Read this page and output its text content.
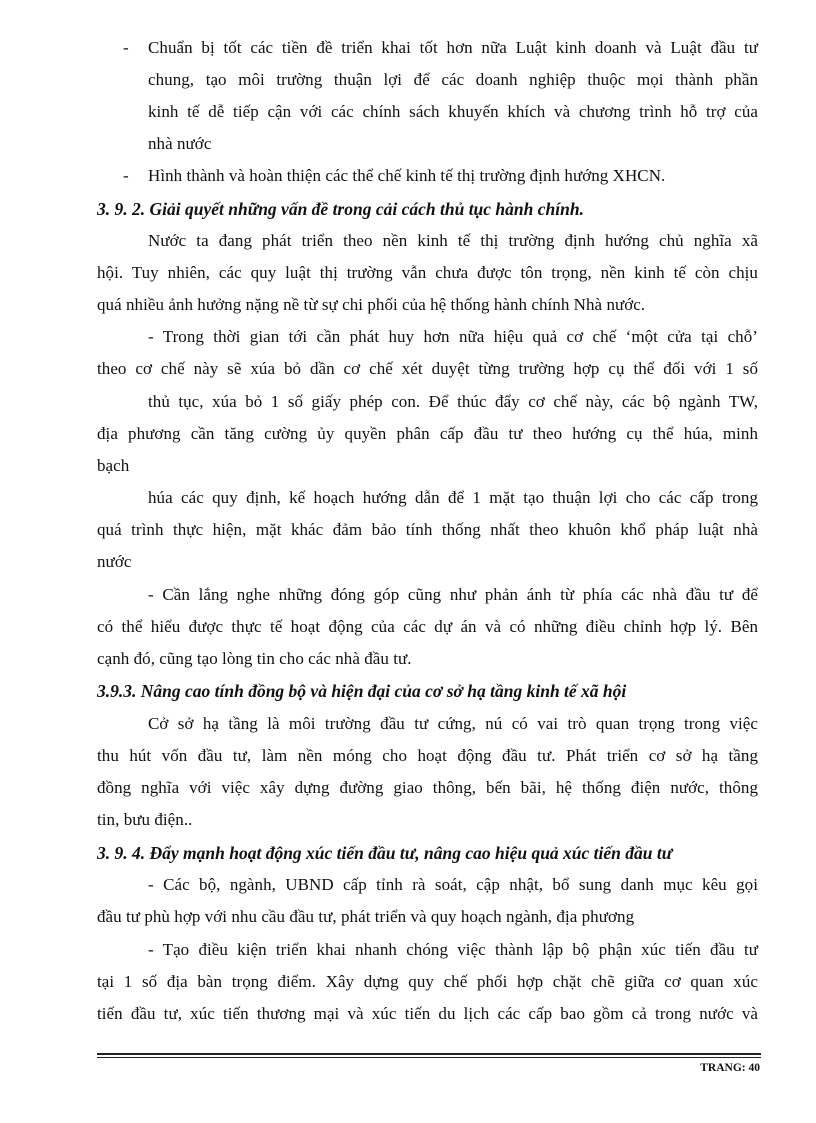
-
-
Chuẩn bị tốt các tiền đề triển khai tốt hơn nữa Luật kinh doanh và Luật đầu tư
chung, tạo môi trường thuận lợi để các doanh nghiệp thuộc mọi thành phần
kinh tế dễ tiếp cận với các chính sách khuyến khích và chương trình hỗ trợ của
nhà nước
Hình thành và hoàn thiện các thể chế kinh tế thị trường định hướng XHCN.
3. 9. 2. Giải quyết những vấn đề trong cải cách thủ tục hành chính.
Nước ta đang phát triển theo nền kinh tế thị trường định hướng chủ nghĩa xã
hội. Tuy nhiên, các quy luật thị trường vẫn chưa được tôn trọng, nền kinh tế còn chịu
quá nhiều ảnh hưởng nặng nề từ sự chi phối của hệ thống hành chính Nhà nước.
- Trong thời gian tới cần phát huy hơn nữa hiệu quả cơ chế ‘một cửa tại chỗ’
theo cơ chế này sẽ xúa bỏ dần cơ chế xét duyệt từng trường hợp cụ thể đối với 1 số
thủ tục, xúa bỏ 1 số giấy phép con. Để thúc đẩy cơ chế này, các bộ ngành TW,
địa phương cần tăng cường ủy quyền phân cấp đầu tư theo hướng cụ thể húa, minh
bạch
húa các quy định, kế hoạch hướng dẫn để 1 mặt tạo thuận lợi cho các cấp trong
quá trình thực hiện, mặt khác đảm bảo tính thống nhất theo khuôn khổ pháp luật nhà
nước
- Cần lắng nghe những đóng góp cũng như phản ánh từ phía các nhà đầu tư để
có thể hiểu được thực tế hoạt động của các dự án và có những điều chỉnh hợp lý. Bên
cạnh đó, cũng tạo lòng tin cho các nhà đầu tư.
3.9.3. Nâng cao tính đồng bộ và hiện đại của cơ sở hạ tầng kinh tế xã hội
Cở sở hạ tầng là môi trường đầu tư cứng, nú có vai trò quan trọng trong việc
thu hút vốn đầu tư, làm nền móng cho hoạt động đầu tư. Phát triển cơ sở hạ tầng
đồng nghĩa với việc xây dựng đường giao thông, bến bãi, hệ thống điện nước, thông
tin, bưu điện..
3. 9. 4. Đẩy mạnh hoạt động xúc tiến đầu tư, nâng cao hiệu quả xúc tiến đầu tư
- Các bộ, ngành, UBND cấp tỉnh rà soát, cập nhật, bổ sung danh mục kêu gọi
đầu tư phù hợp với nhu cầu đầu tư, phát triển và quy hoạch ngành, địa phương
- Tạo điều kiện triển khai nhanh chóng việc thành lập bộ phận xúc tiến đầu tư
tại 1 số địa bàn trọng điểm. Xây dựng quy chế phối hợp chặt chẽ giữa cơ quan xúc
tiến đầu tư, xúc tiến thương mại và xúc tiến du lịch các cấp bao gồm cả trong nước và
TRANG: 40
